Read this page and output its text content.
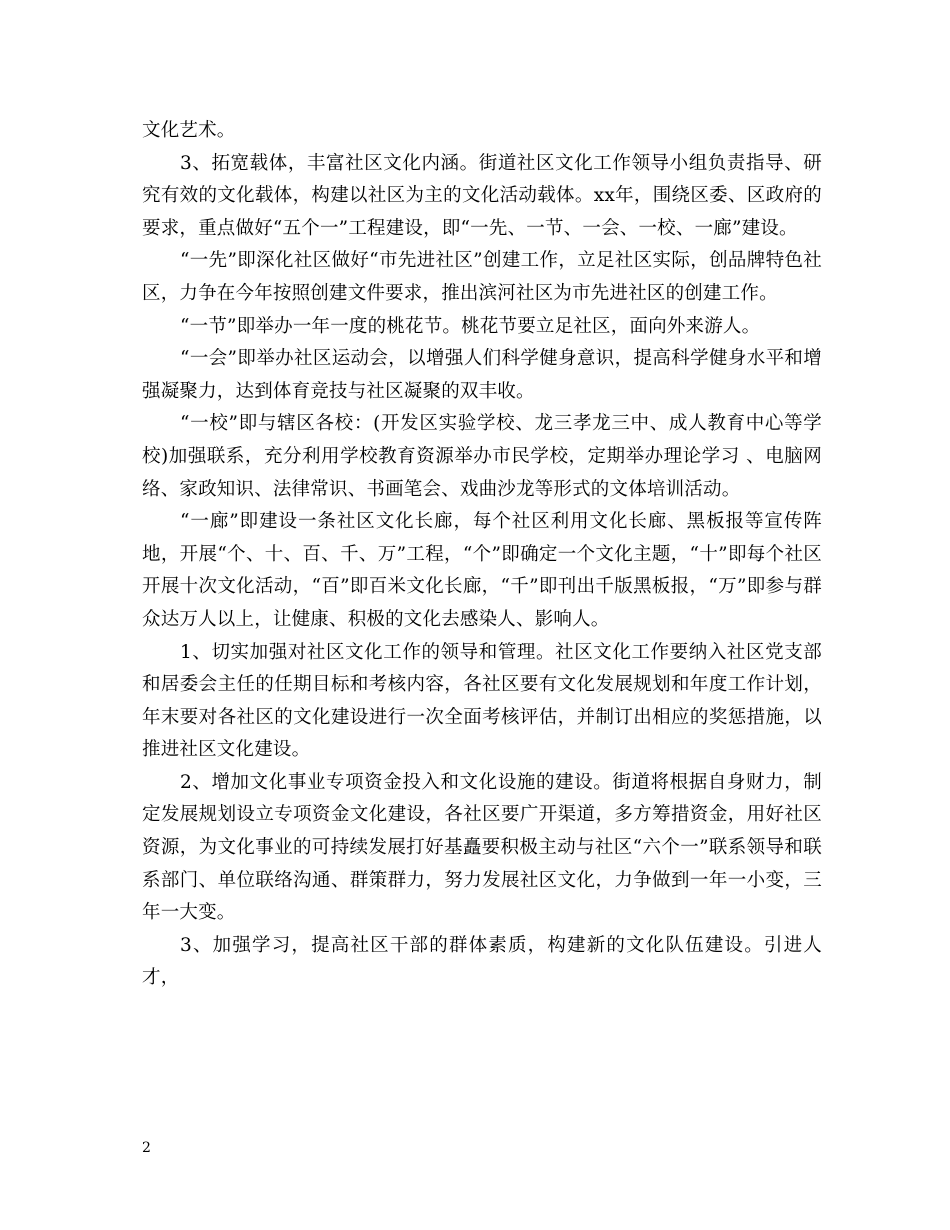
文化艺术。

3、拓宽载体，丰富社区文化内涵。街道社区文化工作领导小组负责指导、研究有效的文化载体，构建以社区为主的文化活动载体。xx年，围绕区委、区政府的要求，重点做好“五个一”工程建设，即“一先、一节、一会、一校、一廊”建设。

“一先”即深化社区做好“市先进社区”创建工作，立足社区实际，创品牌特色社区，力争在今年按照创建文件要求，推出滨河社区为市先进社区的创建工作。

“一节”即举办一年一度的桃花节。桃花节要立足社区，面向外来游人。

“一会”即举办社区运动会，以增强人们科学健身意识，提高科学健身水平和增强凝聚力，达到体育竞技与社区凝聚的双丰收。

“一校”即与辖区各校：(开发区实验学校、龙三孝龙三中、成人教育中心等学校)加强联系，充分利用学校教育资源举办市民学校，定期举办理论学习 、电脑网络、家政知识、法律常识、书画笔会、戏曲沙龙等形式的文体培训活动。

“一廊”即建设一条社区文化长廊，每个社区利用文化长廊、黑板报等宣传阵地，开展“个、十、百、千、万”工程，“个”即确定一个文化主题，“十”即每个社区开展十次文化活动，“百”即百米文化长廊，“千”即刊出千版黑板报，“万”即参与群众达万人以上，让健康、积极的文化去感染人、影响人。

1、切实加强对社区文化工作的领导和管理。社区文化工作要纳入社区党支部和居委会主任的任期目标和考核内容，各社区要有文化发展规划和年度工作计划，年末要对各社区的文化建设进行一次全面考核评估，并制订出相应的奖惩措施，以推进社区文化建设。

2、增加文化事业专项资金投入和文化设施的建设。街道将根据自身财力，制定发展规划设立专项资金文化建设，各社区要广开渠道，多方筹措资金，用好社区资源，为文化事业的可持续发展打好基矗要积极主动与社区“六个一”联系领导和联系部门、单位联络沟通、群策群力，努力发展社区文化，力争做到一年一小变，三年一大变。

3、加强学习，提高社区干部的群体素质，构建新的文化队伍建设。引进人才，

2
